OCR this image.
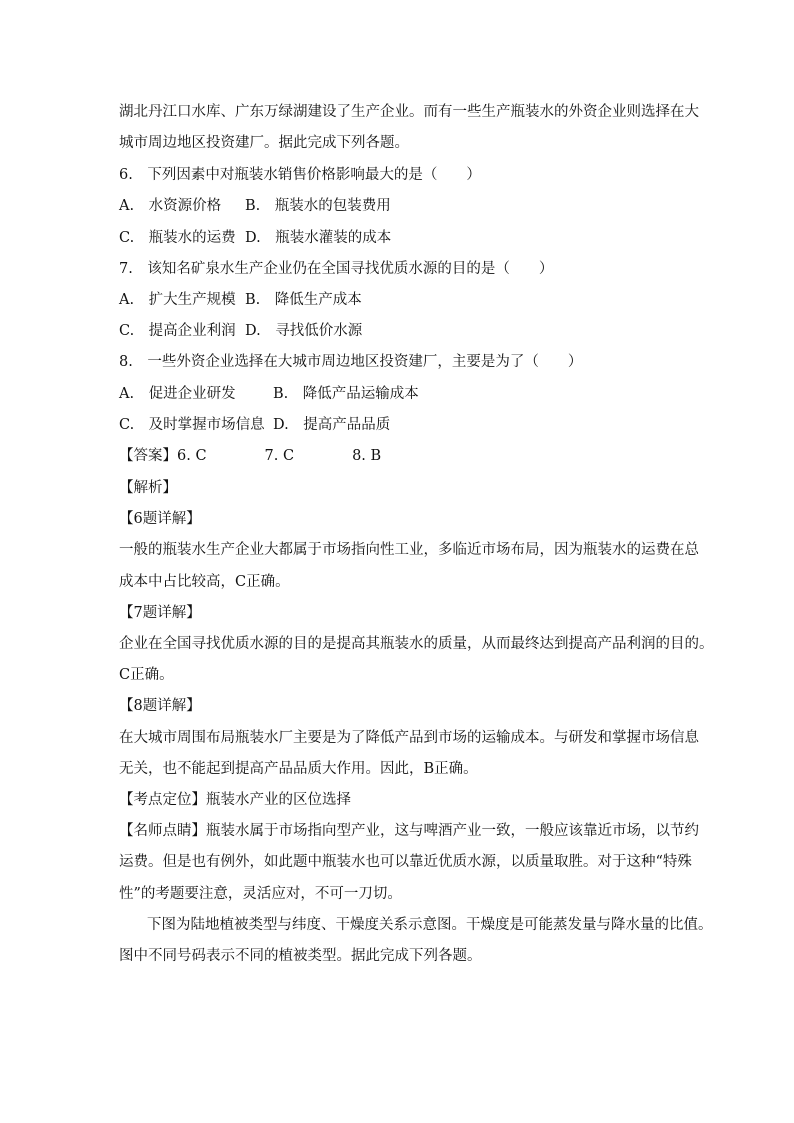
湖北丹江口水库、广东万绿湖建设了生产企业。而有一些生产瓶装水的外资企业则选择在大
城市周边地区投资建厂。据此完成下列各题。
6.　下列因素中对瓶装水销售价格影响最大的是（　　）
A.　水资源价格 B.　瓶装水的包装费用
C.　瓶装水的运费 D.　瓶装水灌装的成本
7.　该知名矿泉水生产企业仍在全国寻找优质水源的目的是（　　）
A.　扩大生产规模 B.　降低生产成本
C.　提高企业利润 D.　寻找低价水源
8.　一些外资企业选择在大城市周边地区投资建厂，主要是为了（　　）
A.　促进企业研发	B.　降低产品运输成本
C.　及时掌握市场信息 D.　提高产品品质
【答案】6. C　　　　7. C　　　　8. B
【解析】
【6题详解】
一般的瓶装水生产企业大都属于市场指向性工业，多临近市场布局，因为瓶装水的运费在总
成本中占比较高，C正确。
【7题详解】
企业在全国寻找优质水源的目的是提高其瓶装水的质量，从而最终达到提高产品利润的目的。
C正确。
【8题详解】
在大城市周围布局瓶装水厂主要是为了降低产品到市场的运输成本。与研发和掌握市场信息
无关，也不能起到提高产品品质大作用。因此，B正确。
【考点定位】瓶装水产业的区位选择
【名师点睛】瓶装水属于市场指向型产业，这与啤酒产业一致，一般应该靠近市场，以节约
运费。但是也有例外，如此题中瓶装水也可以靠近优质水源，以质量取胜。对于这种“特殊
性”的考题要注意，灵活应对，不可一刀切。
下图为陆地植被类型与纬度、干燥度关系示意图。干燥度是可能蒸发量与降水量的比值。
图中不同号码表示不同的植被类型。据此完成下列各题。
